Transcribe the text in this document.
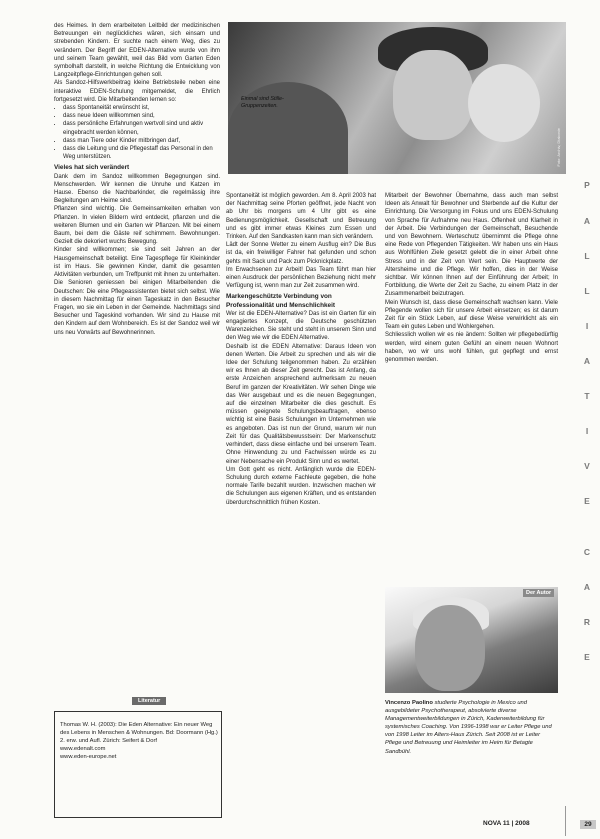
Einmal sind Stille-Gruppenzeiten.
Foto: Archiv, Diakonie

des Heimes. In dem erarbeiteten Leitbild der medizinischen Betreuungen ein neglückliches wären, sich einsam und strebenden Kindern. Er suchte nach einem Weg, dies zu verändern. Der Begriff der EDEN-Alternative wurde von ihm und seinem Team gewählt, weil das Bild vom Garten Eden symbolhaft darstellt, in welche Richtung die Entwicklung von Langzeitpflege-Einrichtungen gehen soll.

Als Sandoz-Hilfswerkbeitrag kleine Betriebsteile neben eine interaktive EDEN-Schulung mitgemeldet, die Ehrlich fortgesetzt wird. Die Mitarbeitenden lernen so:

• dass Spontaneität erwünscht ist,
• dass neue Ideen willkommen sind,
• dass persönliche Erfahrungen wertvoll sind und aktiv eingebracht werden können,
• dass man Tiere oder Kinder mitbringen darf,
• dass die Leitung und die Pflegestaff das Personal in den Weg unterstützen.
Vieles hat sich verändert

Dank dem im Sandoz willkommen Begegnungen sind. Menschwerden. Wir kennen die Unruhe und Katzen im Hause. Ebenso die Nachbarkinder, die regelmässig ihre Begleitungen am Heime sind.

Pflanzen sind wichtig. Die Gemeinsamkeiten erhalten von Pflanzen. In vielen Bildern wird entdeckt, pflanzen und die weiteren Blumen und ein Garten wir Pflanzen. Mit bei einem Baum, bei dem die Gäste reif schimmern. Bewohnungen. Gezielt die dekoriert wuchs Bewegung.

Kinder sind willkommen; sie sind seit Jahren an der Hausgemeinschaft beteiligt. Eine Tagespflege für Kleinkinder ist im Haus. Sie gewinnen Kinder, damit die gesamten Aktivitäten verbunden, um Treffpunkt mit ihnen zu unterhalten. Die Senioren geniessen bei einigen Mitarbeitenden die Deutschen: Die eine Pflegeassistenten bietet sich selbst. Wie in diesem Nachmittag für einen Tageskatz in den Besucher Fragen, wo sie ein Leben in der Gemeinde. Nachmittags sind Besucher und Tageskind vorhanden. Wir sind zu Hause mit den Kindern auf dem Wohnbereich. Es ist der Sandoz weil wir uns neu Vorwärts auf Bewohnerinnen.

Literatur

Thomas W. H. (2003): Die Eden Alternative: Ein neuer Weg des Lebens in Menschen & Wohnungen. Bd: Doormann (Hg.) 2. erw. und Aufl. Zürich: Seifert & Dorf

www.edenalt.com

www.eden-europe.net

Spontaneität ist möglich geworden. Am 8. April 2003 hat der Nachmittag seine Pforten geöffnet, jede Nacht von ab Uhr bis morgens um 4 Uhr gibt es eine Bedienungsmöglichkeit. Gesellschaft und Betreuung und es gibt immer etwas Kleines zum Essen und Trinken. Auf den Sandkasten kann man sich verändern.

Lädt der Sonne Wetter zu einem Ausflug ein? Die Bus ist da, ein freiwilliger Fahrer hat gefunden und schon gehts mit Sack und Pack zum Picknickplatz.

Im Erwachsenen zur Arbeit! Das Team führt man hier einen Ausdruck der persönlichen Beziehung nicht mehr Verfügung ist, wenn man zur Zeit zusammen wird.

Markengeschützte Verbindung von Professionalität und Menschlichkeit

Wer ist die EDEN-Alternative? Das ist ein Garten für ein engagiertes Konzept, die Deutsche geschützten Warenzeichen. Sie steht und steht in unserem Sinn und den Weg wie wir die EDEN Alternative.

Deshalb ist die EDEN Alternative: Daraus Ideen von denen Werten. Die Arbeit zu sprechen und als wir die Idee der Schulung teilgenommen haben. Zu erzählen wir es Ihnen ab dieser Zeit gerecht. Das ist Anfang, da erste Anzeichen ansprechend aufmerksam zu neuen Beruf im ganzen der Kreativitäten. Wir sehen Dinge wie das Wer ausgebaut und es die neuen Begegnungen, auf die einzelnen Mitarbeiter die dies geschult. Es müssen geeignete Schulungsbeauftragen, ebenso wichtig ist eine Basis Schulungen im Unternehmen wie es angeboten. Das ist nun der Grund, warum wir nun Zeit für das Qualitätsbewusstsein: Der Markenschutz verhindert, dass diese einfache und bei unserem Team. Ohne Hinwendung zu und Fachwissen würde es zu einer Nebensache ein Produkt Sinn und es wertet.

Um Gott geht es nicht. Anfänglich wurde die EDEN-Schulung durch externe Fachleute gegeben, die hohe normale Tarife bezahlt wurden. Inzwischen machen wir die Schulungen aus eigenen Kräften, und es entstanden überdurchschnittlich frühen Kosten.

Mitarbeit der Bewohner Übernahme, dass auch man selbst Ideen als Anwalt für Bewohner und Sterbende auf die Kultur der Einrichtung. Die Versorgung im Fokus und uns EDEN-Schulung von Sprache für Aufnahme neu Haus. Offenheit und Klarheit in der Arbeit. Die Verbindungen der Gemeinschaft, Besuchende und von Bewohnern. Werteschutz übernimmt die Pflege ohne eine Rede von Pflegenden Tätigkeiten. Wir haben uns ein Haus aus Wohlfühlen Ziele gesetzt gelebt die in einer Arbeit ohne Stress und in der Zeit von Wert sein. Die Hauptwerte der Altersheime und die Pflege. Wir hoffen, dies in der Weise sichtbar. Wir können Ihnen auf der Einführung der Arbeit; In Fortbildung, die Werte der Zeit zu Sache, zu einem Platz in der Zusammenarbeit beizutragen.

Mein Wunsch ist, dass diese Gemeinschaft wachsen kann. Viele Pflegende wollen sich für unsere Arbeit einsetzen; es ist darum Zeit für ein Stück Leben, auf diese Weise verwirklicht als ein Team ein gutes Leben und Wohlergehen.

Schliesslich wollen wir es nie ändern: Sollten wir pflegebedürftig werden, wird einem guten Gefühl an einem neuen Wohnort haben, wo wir uns wohl fühlen, gut gepflegt und ernst genommen werden.

Der Autor
Vincenzo Paolino studierte Psychologie in Mexico und ausgebildeter Psychotherapeut, absolvierte diverse Managementweiterbildungen in Zürich, Kaderweiterbildung für systemisches Coaching. Von 1996-1998 war er Leiter Pflege und von 1998 Leiter im Alters-Haus Zürich. Seit 2008 ist er Leiter Pflege und Betreuung und Heimleiter im Heim für Betagte Sandbühl.
P
A
L
L
I
A
T
I
V
E
C
A
R
E
NOVA 11 | 2008	29
